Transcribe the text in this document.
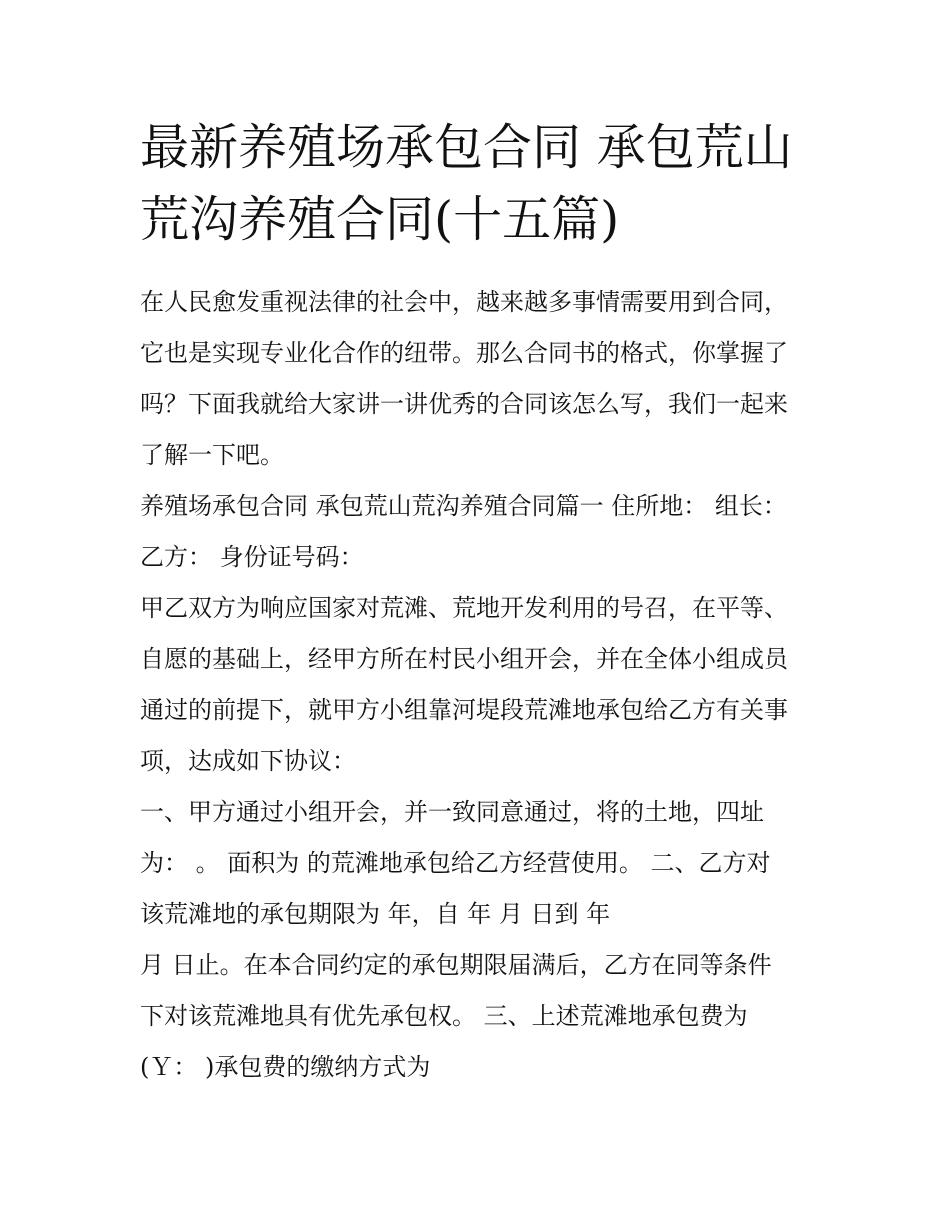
最新养殖场承包合同 承包荒山
荒沟养殖合同(十五篇)
在人民愈发重视法律的社会中，越来越多事情需要用到合同，
它也是实现专业化合作的纽带。那么合同书的格式，你掌握了
吗？下面我就给大家讲一讲优秀的合同该怎么写，我们一起来
了解一下吧。
养殖场承包合同 承包荒山荒沟养殖合同篇一 住所地： 组长：
乙方： 身份证号码：
甲乙双方为响应国家对荒滩、荒地开发利用的号召，在平等、
自愿的基础上，经甲方所在村民小组开会，并在全体小组成员
通过的前提下，就甲方小组靠河堤段荒滩地承包给乙方有关事
项，达成如下协议：
一、甲方通过小组开会，并一致同意通过，将的土地，四址
为： 。 面积为 的荒滩地承包给乙方经营使用。 二、乙方对
该荒滩地的承包期限为 年，自 年 月 日到 年
月 日止。在本合同约定的承包期限届满后，乙方在同等条件
下对该荒滩地具有优先承包权。 三、上述荒滩地承包费为
(Ｙ： )承包费的缴纳方式为
